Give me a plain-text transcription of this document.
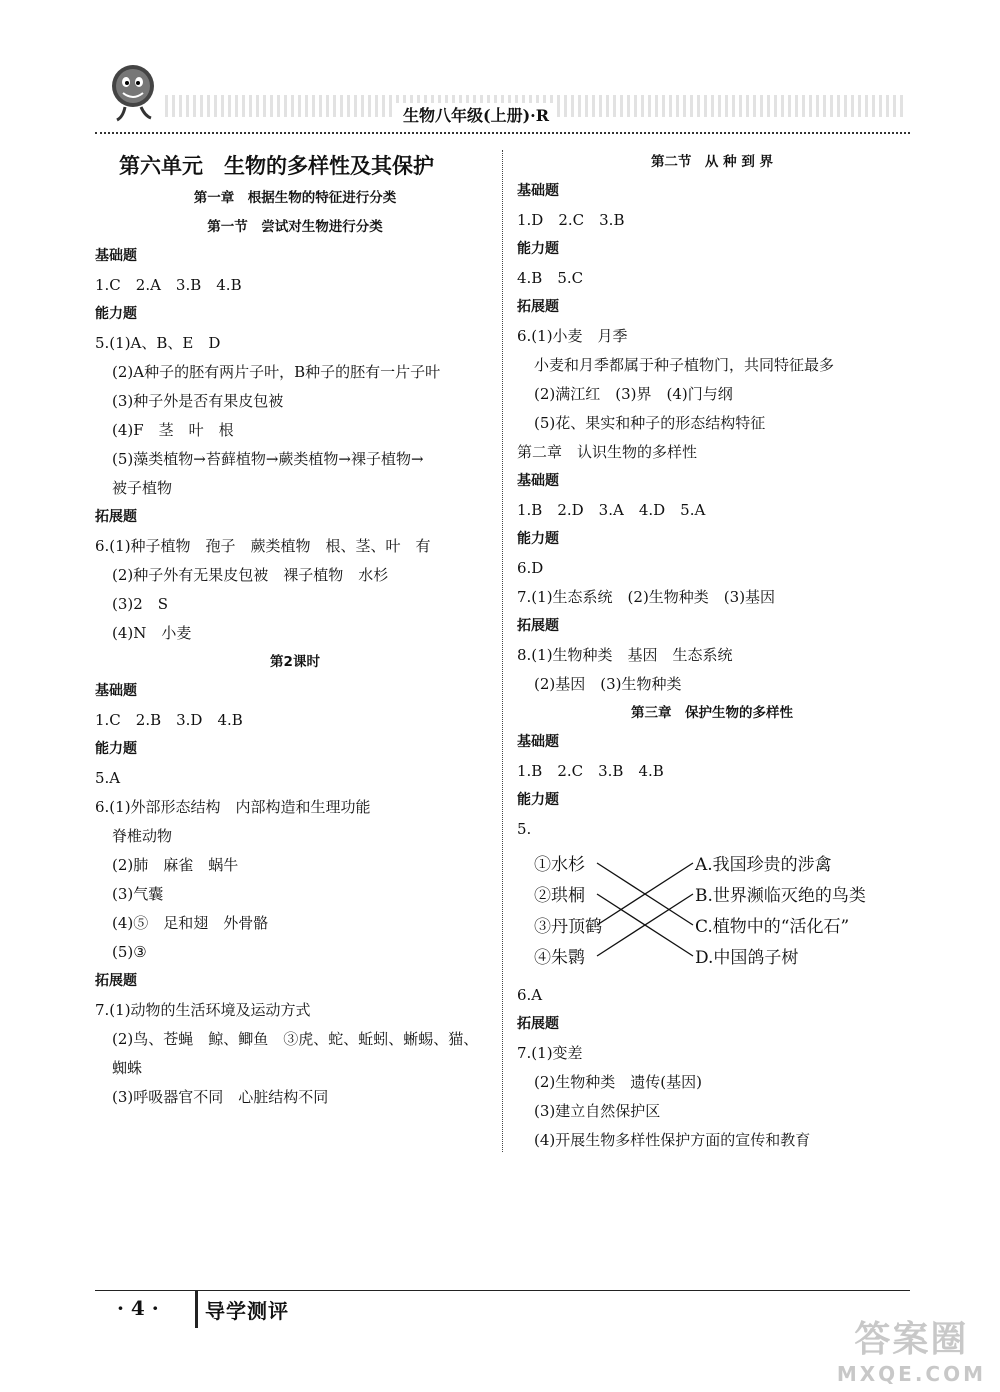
生物八年级(上册)·R
第六单元　生物的多样性及其保护
第一章　根据生物的特征进行分类
第一节　尝试对生物进行分类
基础题
1.C　2.A　3.B　4.B
能力题
5.(1)A、B、E　D
(2)A种子的胚有两片子叶，B种子的胚有一片子叶
(3)种子外是否有果皮包被
(4)F　茎　叶　根
(5)藻类植物→苔藓植物→蕨类植物→裸子植物→
被子植物
拓展题
6.(1)种子植物　孢子　蕨类植物　根、茎、叶　有
(2)种子外有无果皮包被　裸子植物　水杉
(3)2　S
(4)N　小麦
第2课时
基础题
1.C　2.B　3.D　4.B
能力题
5.A
6.(1)外部形态结构　内部构造和生理功能
脊椎动物
(2)肺　麻雀　蜗牛
(3)气囊
(4)⑤　足和翅　外骨骼
(5)③
拓展题
7.(1)动物的生活环境及运动方式
(2)鸟、苍蝇　鲸、鲫鱼　③虎、蛇、蚯蚓、蜥蜴、猫、
蜘蛛
(3)呼吸器官不同　心脏结构不同
第二节　从 种 到 界
基础题
1.D　2.C　3.B
能力题
4.B　5.C
拓展题
6.(1)小麦　月季
小麦和月季都属于种子植物门，共同特征最多
(2)满江红　(3)界　(4)门与纲
(5)花、果实和种子的形态结构特征
第二章　认识生物的多样性
基础题
1.B　2.D　3.A　4.D　5.A
能力题
6.D
7.(1)生态系统　(2)生物种类　(3)基因
拓展题
8.(1)生物种类　基因　生态系统
(2)基因　(3)生物种类
第三章　保护生物的多样性
基础题
1.B　2.C　3.B　4.B
能力题
5.
①水杉
②珙桐
③丹顶鹤
④朱鹮
A.我国珍贵的涉禽
B.世界濒临灭绝的鸟类
C.植物中的“活化石”
D.中国鸽子树
6.A
拓展题
7.(1)变差
(2)生物种类　遗传(基因)
(3)建立自然保护区
(4)开展生物多样性保护方面的宣传和教育
· 4 · 导学测评
答案圈
MXQE.COM
